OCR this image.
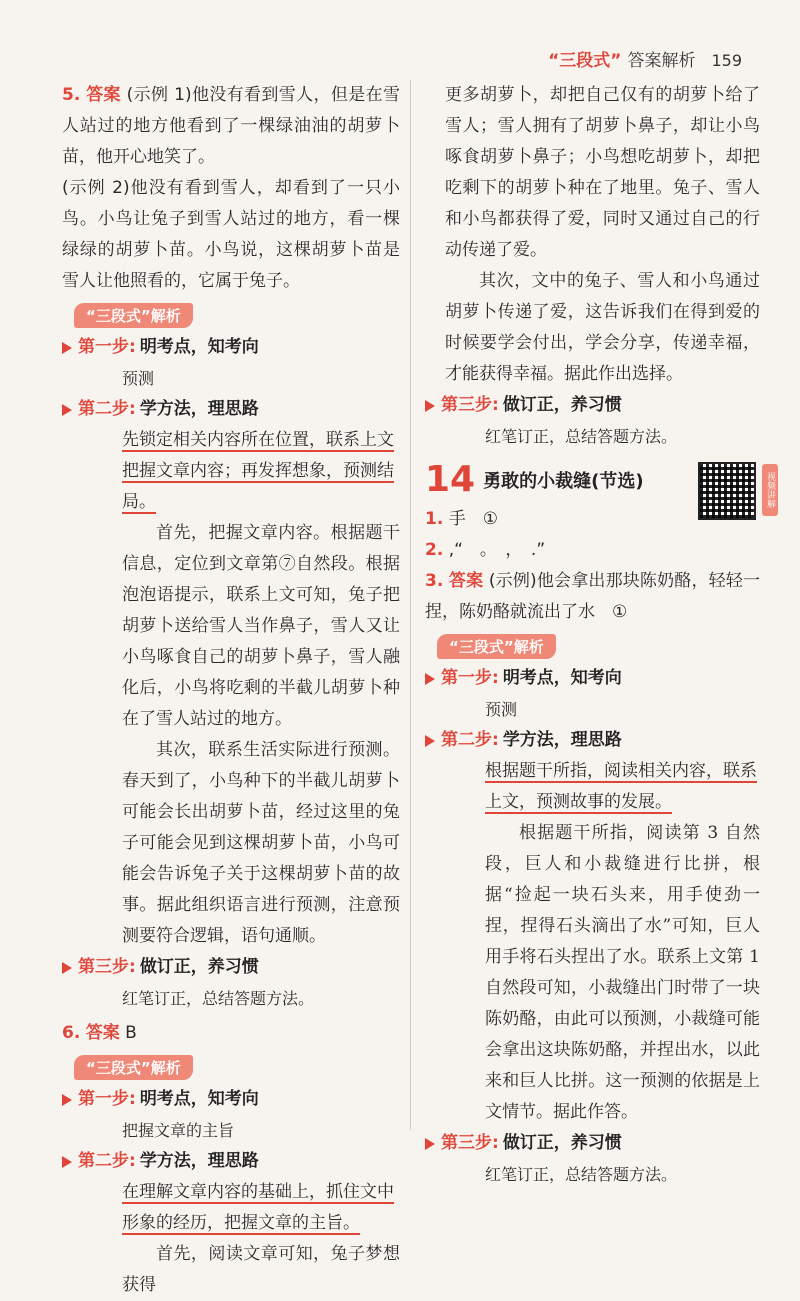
“三段式” 答案解析 159

5. 答案 (示例 1)他没有看到雪人，但是在雪人站过的地方他看到了一棵绿油油的胡萝卜苗，他开心地笑了。

(示例 2)他没有看到雪人，却看到了一只小鸟。小鸟让兔子到雪人站过的地方，看一棵绿绿的胡萝卜苗。小鸟说，这棵胡萝卜苗是雪人让他照看的，它属于兔子。

“三段式”解析
第一步: 明考点，知考向

预测

第二步: 学方法，理思路

先锁定相关内容所在位置，联系上文把握文章内容；再发挥想象，预测结局。

首先，把握文章内容。根据题干信息，定位到文章第⑦自然段。根据泡泡语提示，联系上文可知，兔子把胡萝卜送给雪人当作鼻子，雪人又让小鸟啄食自己的胡萝卜鼻子，雪人融化后，小鸟将吃剩的半截儿胡萝卜种在了雪人站过的地方。

其次，联系生活实际进行预测。春天到了，小鸟种下的半截儿胡萝卜可能会长出胡萝卜苗，经过这里的兔子可能会见到这棵胡萝卜苗，小鸟可能会告诉兔子关于这棵胡萝卜苗的故事。据此组织语言进行预测，注意预测要符合逻辑，语句通顺。

第三步: 做订正，养习惯

红笔订正，总结答题方法。

6. 答案 B

“三段式”解析
第一步: 明考点，知考向

把握文章的主旨

第二步: 学方法，理思路

在理解文章内容的基础上，抓住文中形象的经历，把握文章的主旨。

首先，阅读文章可知，兔子梦想获得

更多胡萝卜，却把自己仅有的胡萝卜给了雪人；雪人拥有了胡萝卜鼻子，却让小鸟啄食胡萝卜鼻子；小鸟想吃胡萝卜，却把吃剩下的胡萝卜种在了地里。兔子、雪人和小鸟都获得了爱，同时又通过自己的行动传递了爱。

其次，文中的兔子、雪人和小鸟通过胡萝卜传递了爱，这告诉我们在得到爱的时候要学会付出，学会分享，传递幸福，才能获得幸福。据此作出选择。

第三步: 做订正，养习惯

红笔订正，总结答题方法。

14 勇敢的小裁缝(节选)	视频讲解

1. 手　①

2. ,“　。　，　.”

3. 答案 (示例)他会拿出那块陈奶酪，轻轻一捏，陈奶酪就流出了水　①

“三段式”解析
第一步: 明考点，知考向

预测

第二步: 学方法，理思路

根据题干所指，阅读相关内容，联系上文，预测故事的发展。

根据题干所指，阅读第 3 自然段，巨人和小裁缝进行比拼，根据“捡起一块石头来，用手使劲一捏，捏得石头滴出了水”可知，巨人用手将石头捏出了水。联系上文第 1 自然段可知，小裁缝出门时带了一块陈奶酪，由此可以预测，小裁缝可能会拿出这块陈奶酪，并捏出水，以此来和巨人比拼。这一预测的依据是上文情节。据此作答。

第三步: 做订正，养习惯

红笔订正，总结答题方法。
